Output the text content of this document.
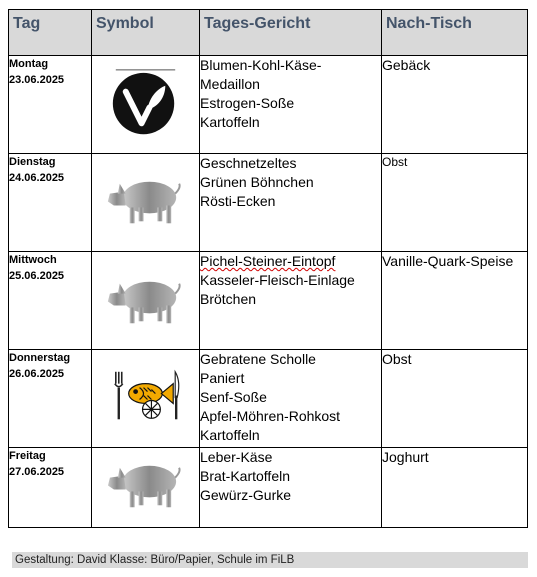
Tag	Symbol	Tages-Gericht	Nach-Tisch

Montag
23.06.2025		Blumen-Kohl-Käse-
Medaillon
Estrogen-Soße
Kartoffeln	Gebäck

Dienstag
24.06.2025		Geschnetzeltes
Grünen Böhnchen
Rösti-Ecken	Obst

Mittwoch
25.06.2025		Pichel-Steiner-Eintopf
Kasseler-Fleisch-Einlage
Brötchen	Vanille-Quark-Speise

Donnerstag
26.06.2025		Gebratene Scholle
Paniert
Senf-Soße
Apfel-Möhren-Rohkost
Kartoffeln	Obst

Freitag
27.06.2025		Leber-Käse
Brat-Kartoffeln
Gewürz-Gurke	Joghurt
Gestaltung: David Klasse: Büro/Papier, Schule im FiLB
